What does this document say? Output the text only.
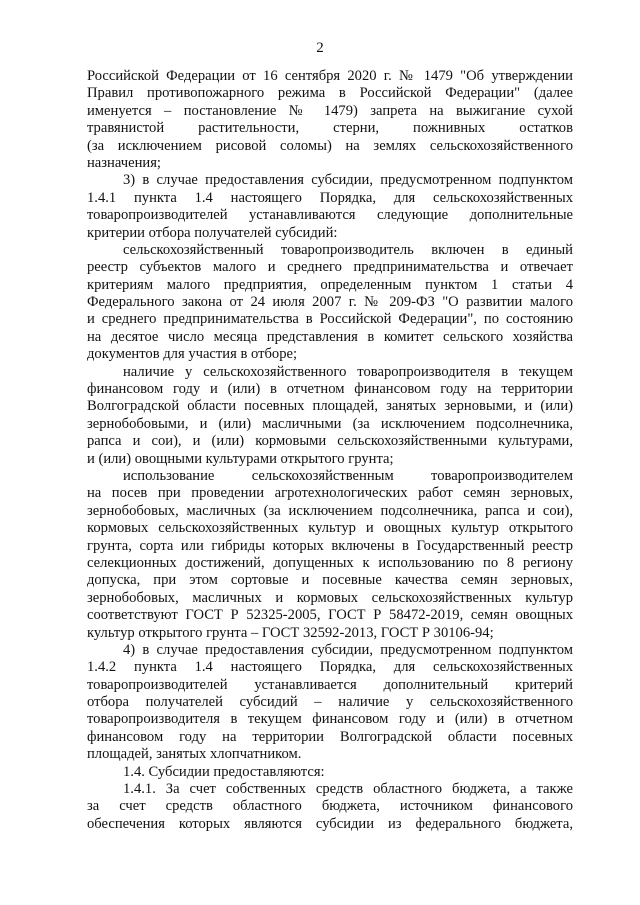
2
Российской Федерации от 16 сентября 2020 г. № 1479 "Об утверждении
Правил противопожарного режима в Российской Федерации" (далее
именуется – постановление № 1479) запрета на выжигание сухой
травянистой растительности, стерни, пожнивных остатков
(за исключением рисовой соломы) на землях сельскохозяйственного
назначения;
3) в случае предоставления субсидии, предусмотренном подпунктом
1.4.1 пункта 1.4 настоящего Порядка, для сельскохозяйственных
товаропроизводителей устанавливаются следующие дополнительные
критерии отбора получателей субсидий:
сельскохозяйственный товаропроизводитель включен в единый
реестр субъектов малого и среднего предпринимательства и отвечает
критериям малого предприятия, определенным пунктом 1 статьи 4
Федерального закона от 24 июля 2007 г. № 209-ФЗ "О развитии малого
и среднего предпринимательства в Российской Федерации", по состоянию
на десятое число месяца представления в комитет сельского хозяйства
документов для участия в отборе;
наличие у сельскохозяйственного товаропроизводителя в текущем
финансовом году и (или) в отчетном финансовом году на территории
Волгоградской области посевных площадей, занятых зерновыми, и (или)
зернобобовыми, и (или) масличными (за исключением подсолнечника,
рапса и сои), и (или) кормовыми сельскохозяйственными культурами,
и (или) овощными культурами открытого грунта;
использование сельскохозяйственным товаропроизводителем
на посев при проведении агротехнологических работ семян зерновых,
зернобобовых, масличных (за исключением подсолнечника, рапса и сои),
кормовых сельскохозяйственных культур и овощных культур открытого
грунта, сорта или гибриды которых включены в Государственный реестр
селекционных достижений, допущенных к использованию по 8 региону
допуска, при этом сортовые и посевные качества семян зерновых,
зернобобовых, масличных и кормовых сельскохозяйственных культур
соответствуют ГОСТ Р 52325-2005, ГОСТ Р 58472-2019, семян овощных
культур открытого грунта – ГОСТ 32592-2013, ГОСТ Р 30106-94;
4) в случае предоставления субсидии, предусмотренном подпунктом
1.4.2 пункта 1.4 настоящего Порядка, для сельскохозяйственных
товаропроизводителей устанавливается дополнительный критерий
отбора получателей субсидий – наличие у сельскохозяйственного
товаропроизводителя в текущем финансовом году и (или) в отчетном
финансовом году на территории Волгоградской области посевных
площадей, занятых хлопчатником.
1.4. Субсидии предоставляются:
1.4.1. За счет собственных средств областного бюджета, а также
за счет средств областного бюджета, источником финансового
обеспечения которых являются субсидии из федерального бюджета,
